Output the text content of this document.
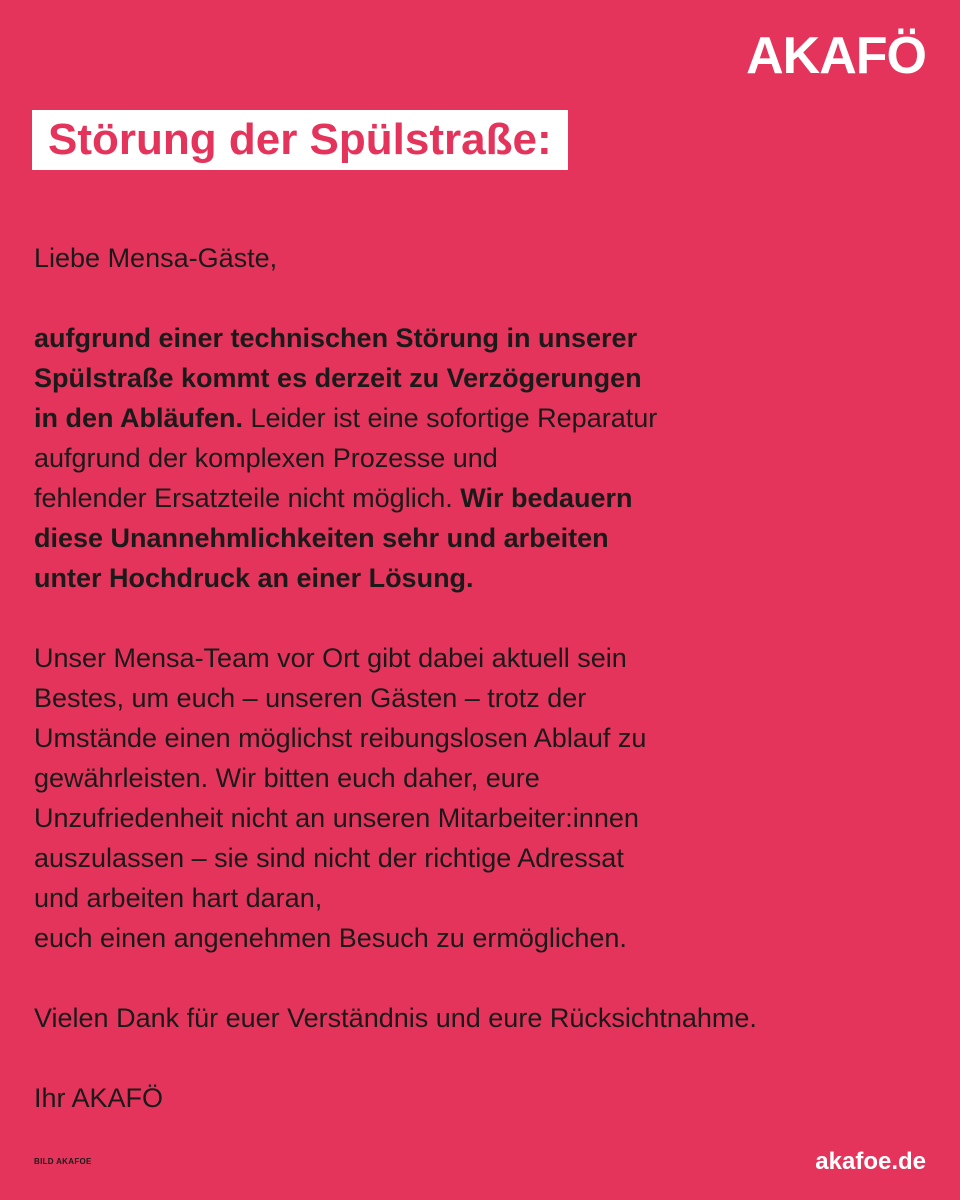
AKAFÖ
Störung der Spülstraße:

Liebe Mensa-Gäste,

aufgrund einer technischen Störung in unserer

Spülstraße kommt es derzeit zu Verzögerungen

in den Abläufen. Leider ist eine sofortige Reparatur

aufgrund der komplexen Prozesse und

fehlender Ersatzteile nicht möglich. Wir bedauern

diese Unannehmlichkeiten sehr und arbeiten

unter Hochdruck an einer Lösung.

Unser Mensa-Team vor Ort gibt dabei aktuell sein

Bestes, um euch – unseren Gästen – trotz der

Umstände einen möglichst reibungslosen Ablauf zu

gewährleisten. Wir bitten euch daher, eure

Unzufriedenheit nicht an unseren Mitarbeiter:innen

auszulassen – sie sind nicht der richtige Adressat

und arbeiten hart daran,

euch einen angenehmen Besuch zu ermöglichen.

Vielen Dank für euer Verständnis und eure Rücksichtnahme.

Ihr AKAFÖ

BILD AKAFOE	akafoe.de
